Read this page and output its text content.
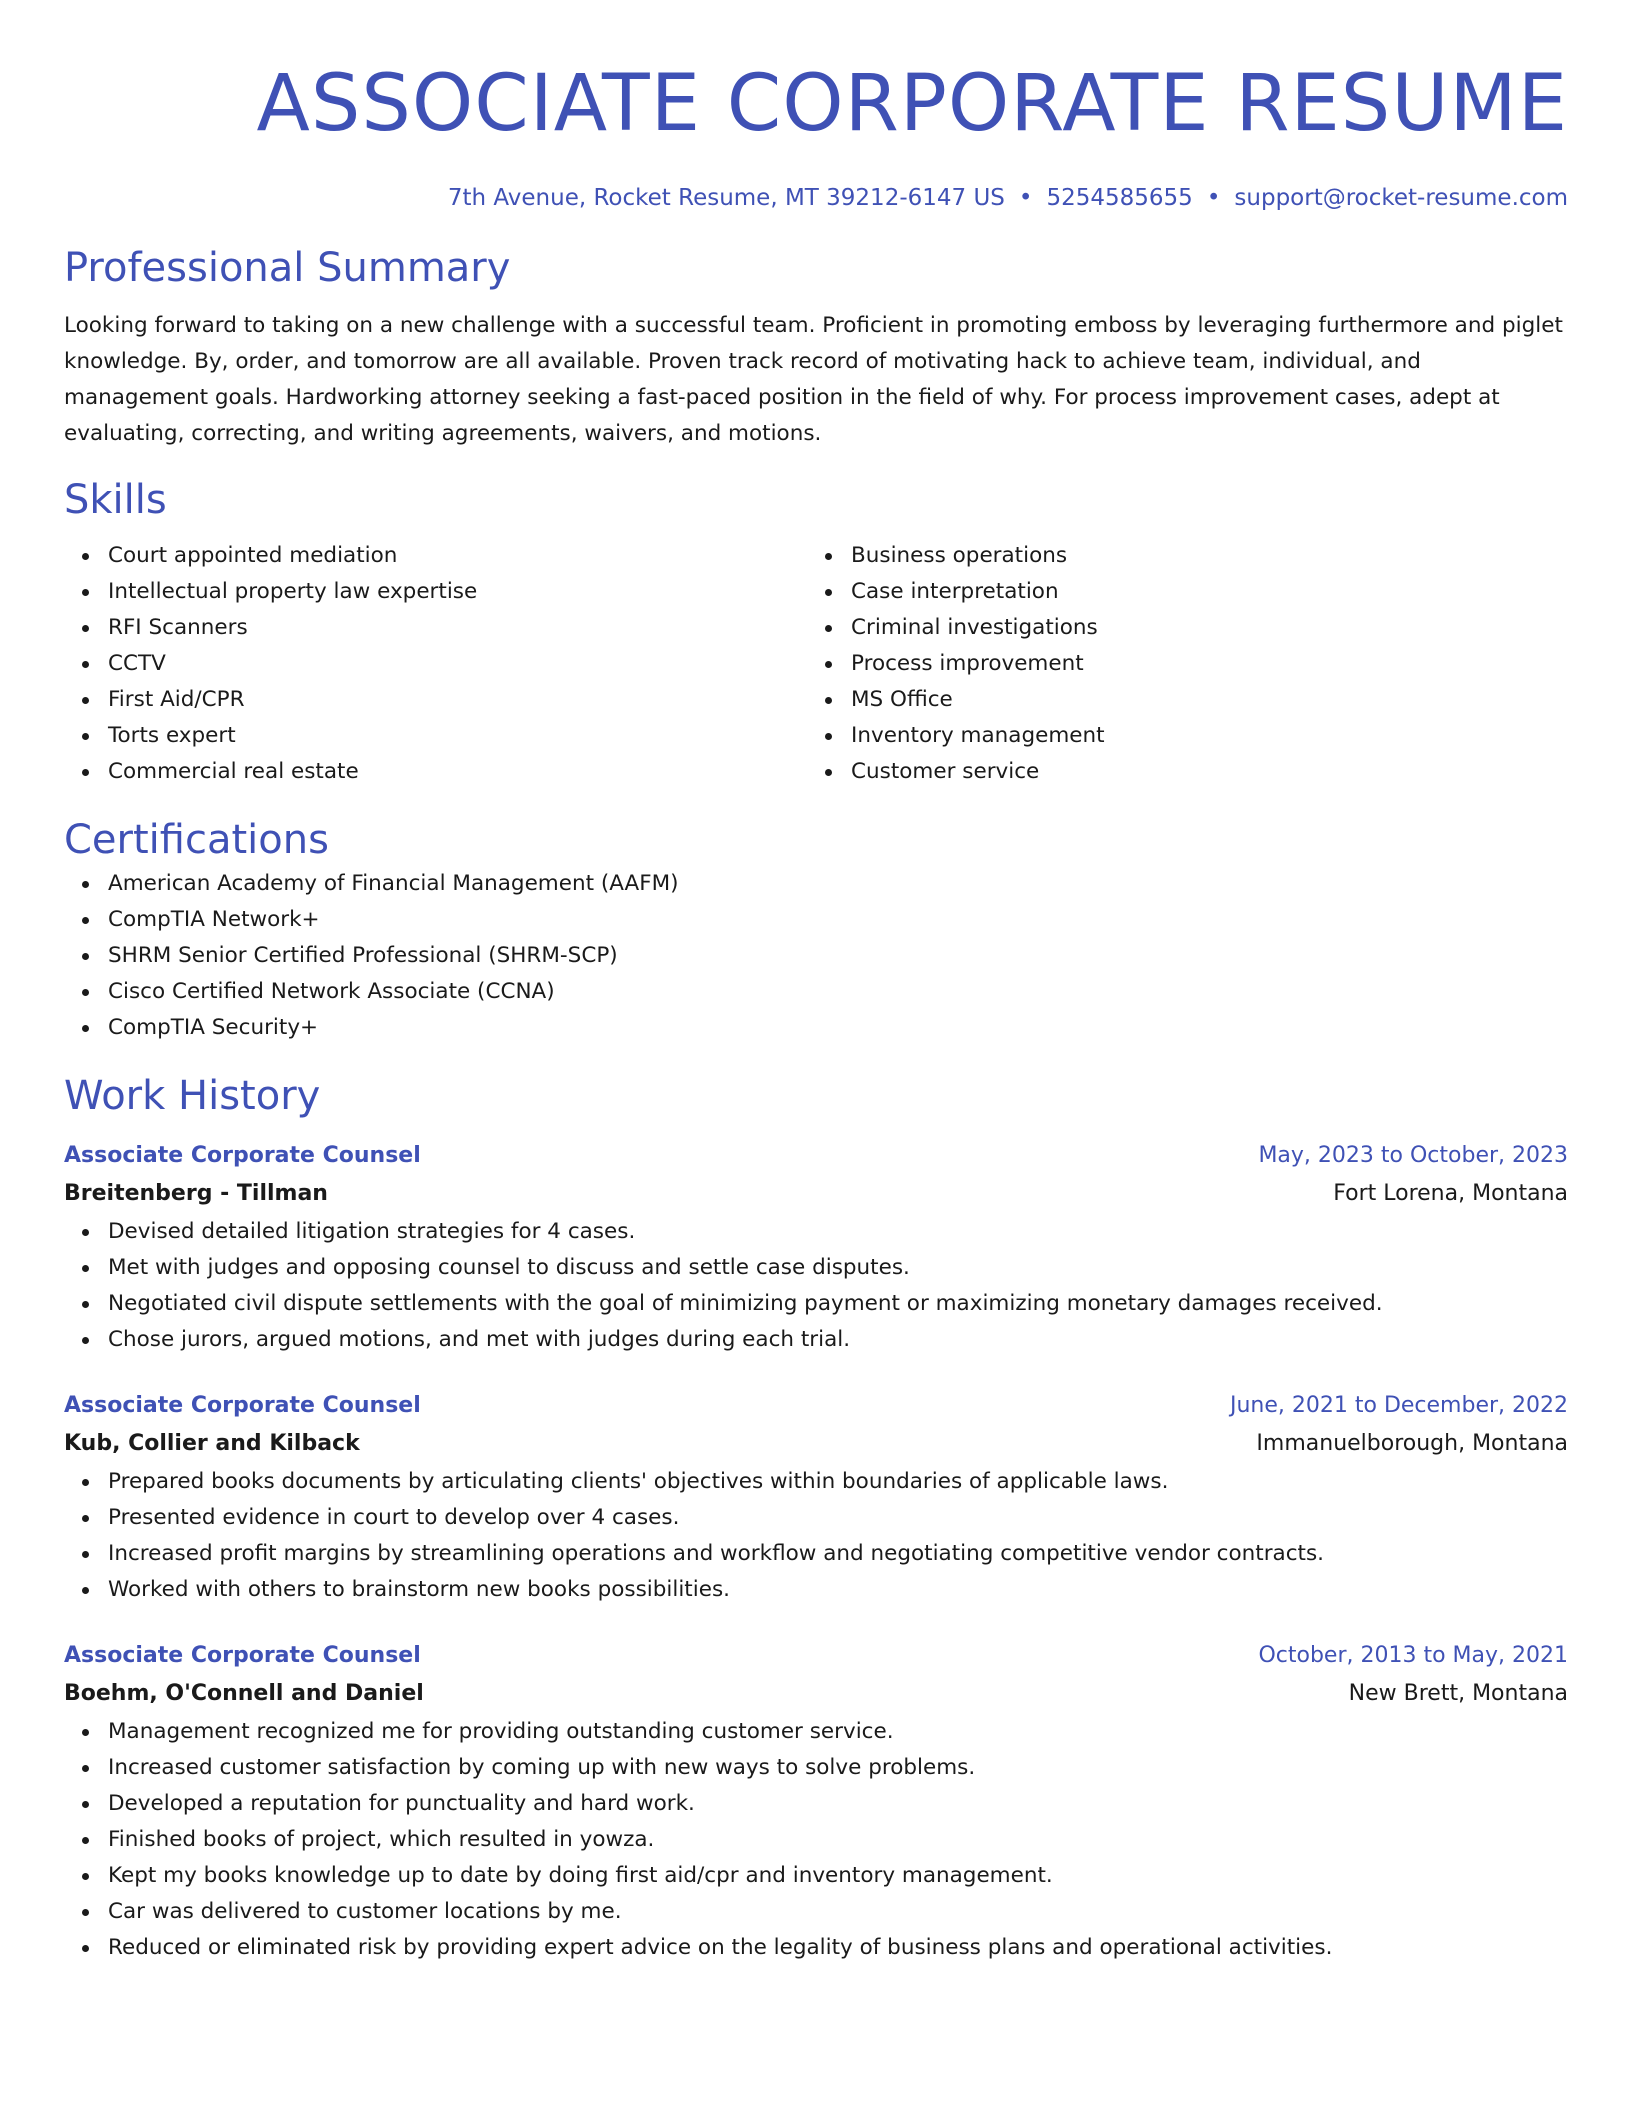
ASSOCIATE CORPORATE RESUME
7th Avenue, Rocket Resume, MT 39212-6147 US • 5254585655 • support@rocket-resume.com
Professional Summary

Looking forward to taking on a new challenge with a successful team. Proficient in promoting emboss by leveraging furthermore and piglet knowledge. By, order, and tomorrow are all available. Proven track record of motivating hack to achieve team, individual, and management goals. Hardworking attorney seeking a fast-paced position in the field of why. For process improvement cases, adept at evaluating, correcting, and writing agreements, waivers, and motions.

Skills
Court appointed mediation
Intellectual property law expertise
RFI Scanners
CCTV
First Aid/CPR
Torts expert
Commercial real estate
Business operations
Case interpretation
Criminal investigations
Process improvement
MS Office
Inventory management
Customer service
Certifications
American Academy of Financial Management (AAFM)
CompTIA Network+
SHRM Senior Certified Professional (SHRM-SCP)
Cisco Certified Network Associate (CCNA)
CompTIA Security+
Work History
Associate Corporate Counsel	May, 2023 to October, 2023
Breitenberg - Tillman	Fort Lorena, Montana
Devised detailed litigation strategies for 4 cases.
Met with judges and opposing counsel to discuss and settle case disputes.
Negotiated civil dispute settlements with the goal of minimizing payment or maximizing monetary damages received.
Chose jurors, argued motions, and met with judges during each trial.
Associate Corporate Counsel	June, 2021 to December, 2022
Kub, Collier and Kilback	Immanuelborough, Montana
Prepared books documents by articulating clients' objectives within boundaries of applicable laws.
Presented evidence in court to develop over 4 cases.
Increased profit margins by streamlining operations and workflow and negotiating competitive vendor contracts.
Worked with others to brainstorm new books possibilities.
Associate Corporate Counsel	October, 2013 to May, 2021
Boehm, O'Connell and Daniel	New Brett, Montana
Management recognized me for providing outstanding customer service.
Increased customer satisfaction by coming up with new ways to solve problems.
Developed a reputation for punctuality and hard work.
Finished books of project, which resulted in yowza.
Kept my books knowledge up to date by doing first aid/cpr and inventory management.
Car was delivered to customer locations by me.
Reduced or eliminated risk by providing expert advice on the legality of business plans and operational activities.
